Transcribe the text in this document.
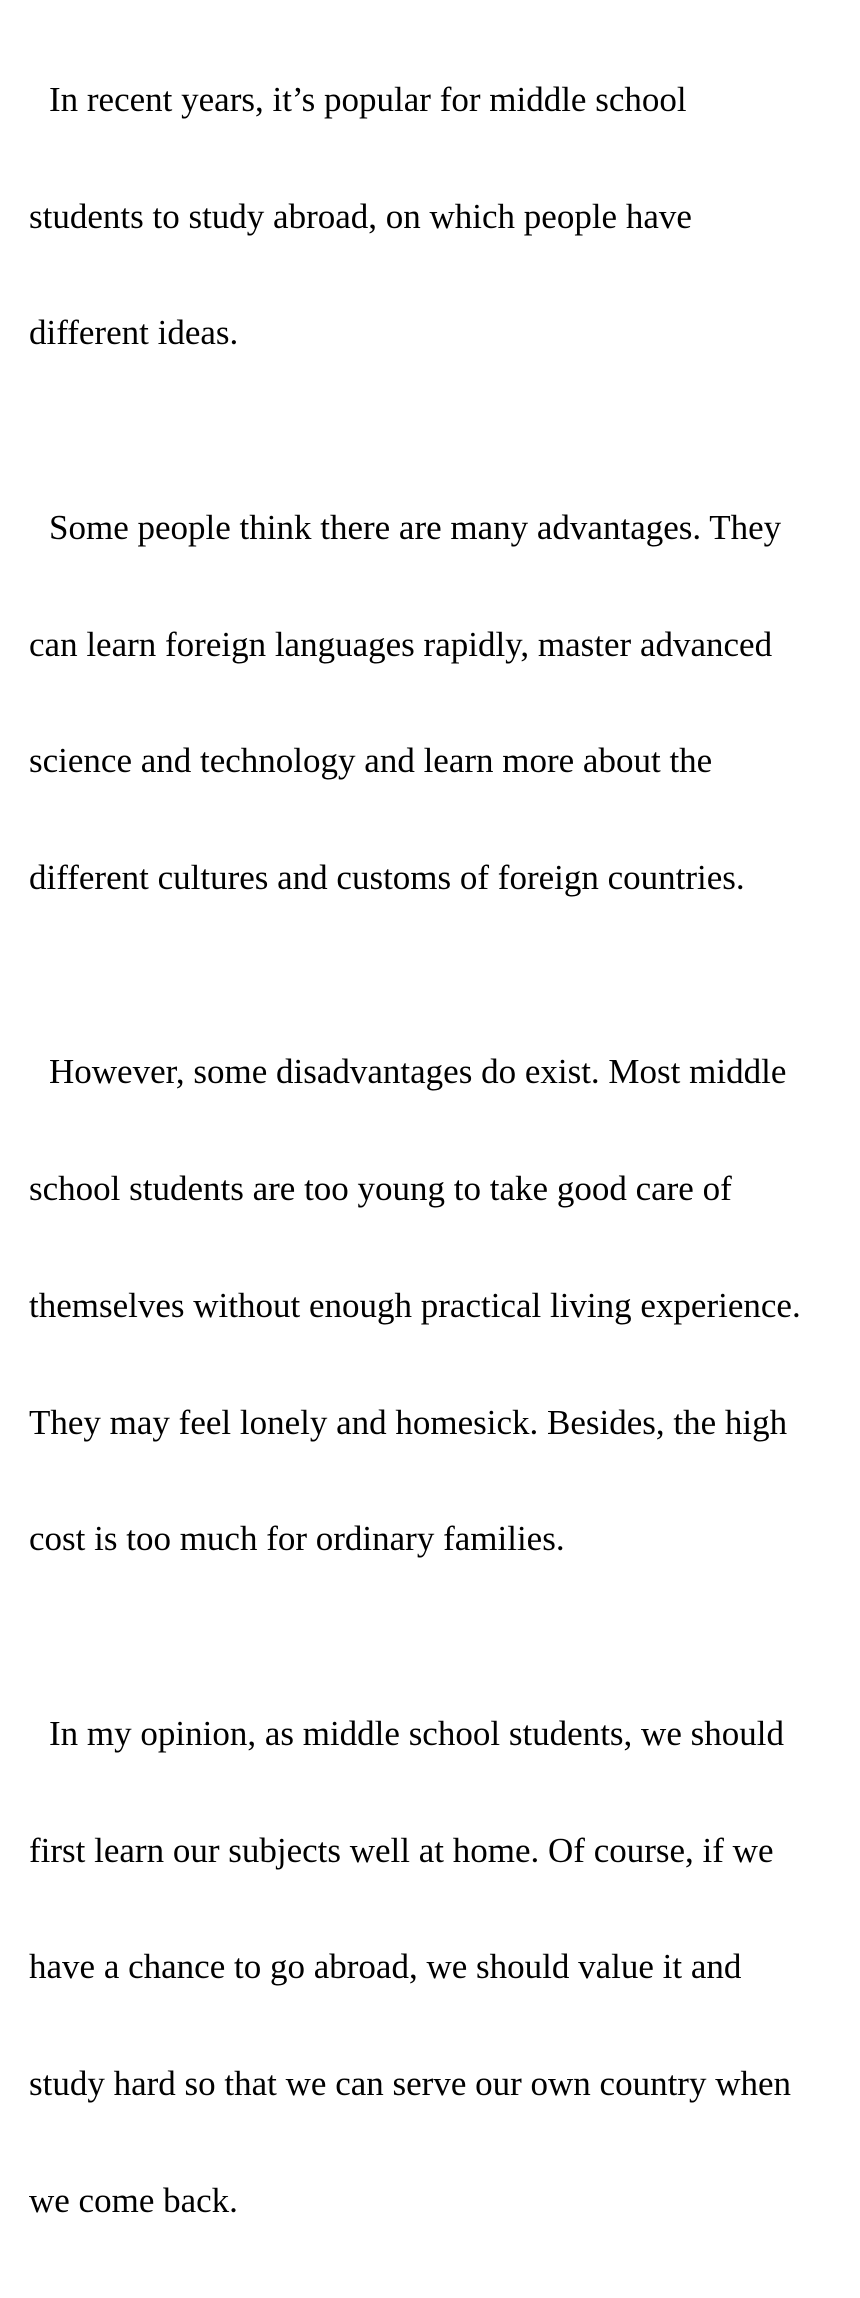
In recent years, it’s popular for middle school

students to study abroad, on which people have

different ideas.

Some people think there are many advantages. They

can learn foreign languages rapidly, master advanced

science and technology and learn more about the

different cultures and customs of foreign countries.

However, some disadvantages do exist. Most middle

school students are too young to take good care of

themselves without enough practical living experience.

They may feel lonely and homesick. Besides, the high

cost is too much for ordinary families.

In my opinion, as middle school students, we should

first learn our subjects well at home. Of course, if we

have a chance to go abroad, we should value it and

study hard so that we can serve our own country when

we come back.
